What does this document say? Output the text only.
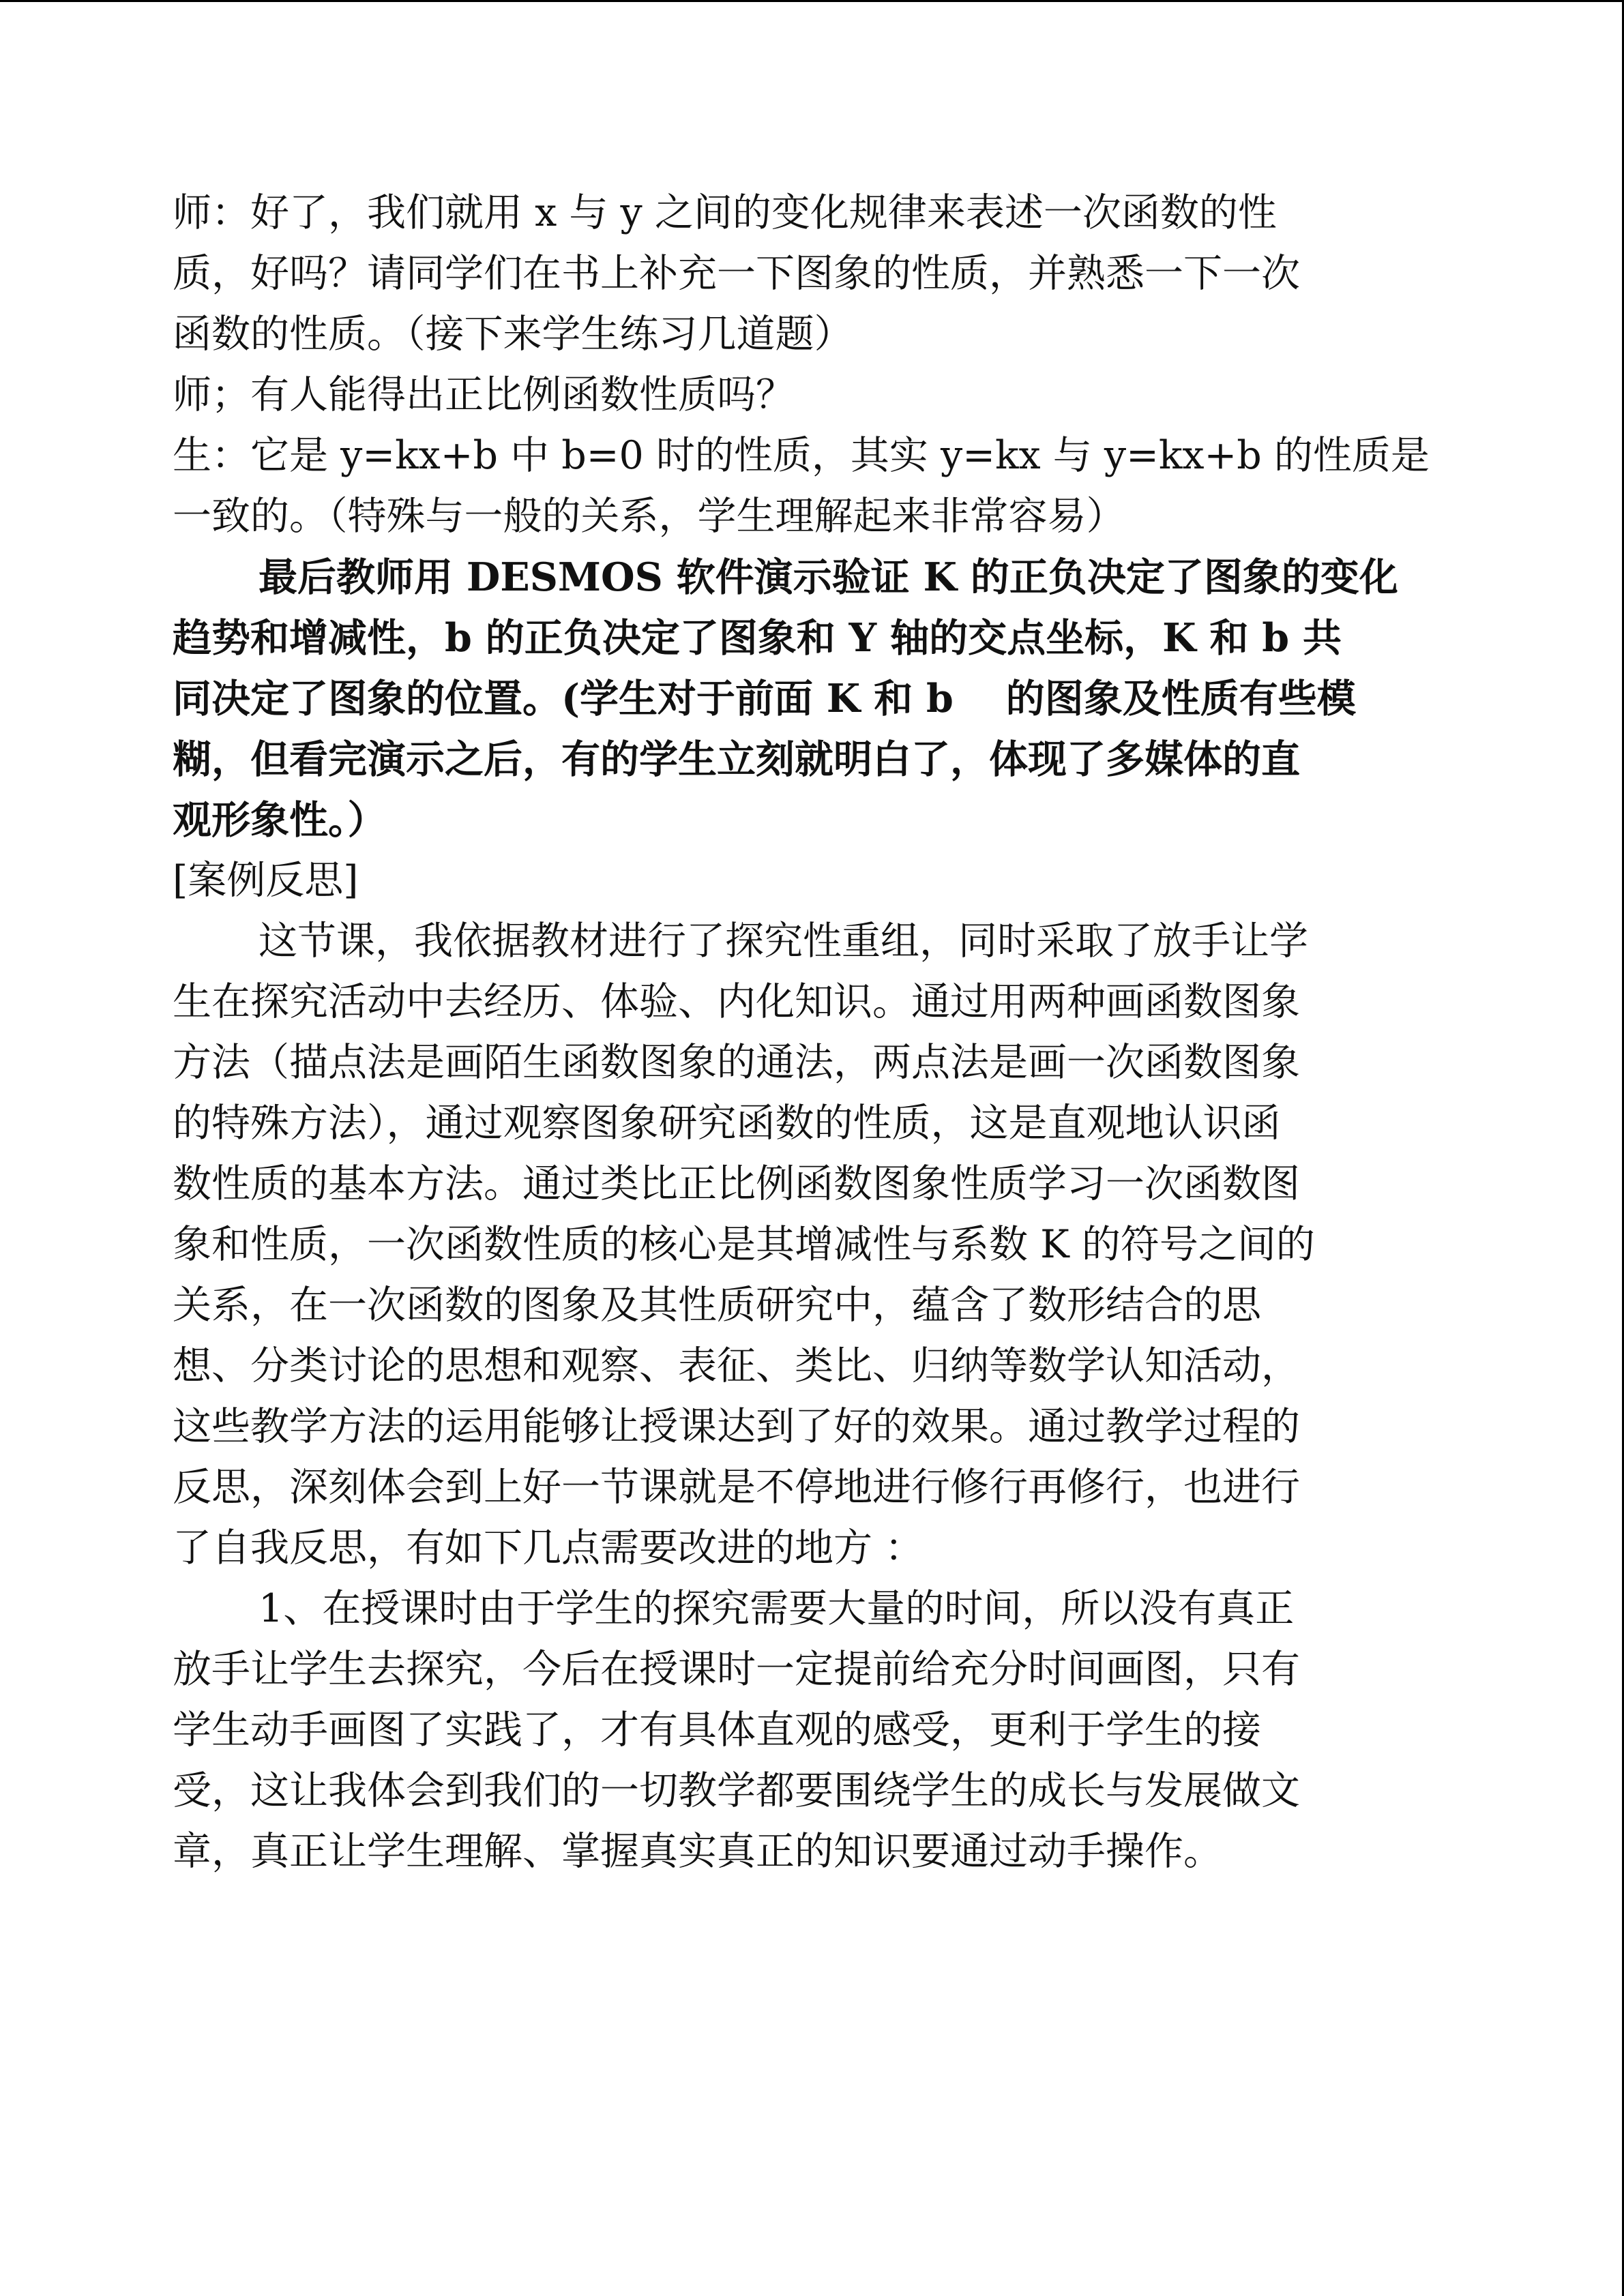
师：好了，我们就用 x 与 y 之间的变化规律来表述一次函数的性
质，好吗？请同学们在书上补充一下图象的性质，并熟悉一下一次
函数的性质。（接下来学生练习几道题）
师；有人能得出正比例函数性质吗？
生：它是 y=kx+b 中 b=0 时的性质，其实 y=kx 与 y=kx+b 的性质是
一致的。（特殊与一般的关系，学生理解起来非常容易）
最后教师用 DESMOS 软件演示验证 K 的正负决定了图象的变化
趋势和增减性，b 的正负决定了图象和 Y 轴的交点坐标，K 和 b 共
同决定了图象的位置。(学生对于前面 K 和 b　 的图象及性质有些模
糊，但看完演示之后，有的学生立刻就明白了，体现了多媒体的直
观形象性。）
[案例反思]
这节课，我依据教材进行了探究性重组，同时采取了放手让学
生在探究活动中去经历、体验、内化知识。通过用两种画函数图象
方法（描点法是画陌生函数图象的通法，两点法是画一次函数图象
的特殊方法），通过观察图象研究函数的性质，这是直观地认识函
数性质的基本方法。通过类比正比例函数图象性质学习一次函数图
象和性质，一次函数性质的核心是其增减性与系数 K 的符号之间的
关系，在一次函数的图象及其性质研究中，蕴含了数形结合的思
想、分类讨论的思想和观察、表征、类比、归纳等数学认知活动，
这些教学方法的运用能够让授课达到了好的效果。通过教学过程的
反思，深刻体会到上好一节课就是不停地进行修行再修行，也进行
了自我反思，有如下几点需要改进的地方 ：
1、在授课时由于学生的探究需要大量的时间，所以没有真正
放手让学生去探究，今后在授课时一定提前给充分时间画图，只有
学生动手画图了实践了，才有具体直观的感受，更利于学生的接
受，这让我体会到我们的一切教学都要围绕学生的成长与发展做文
章，真正让学生理解、掌握真实真正的知识要通过动手操作。
